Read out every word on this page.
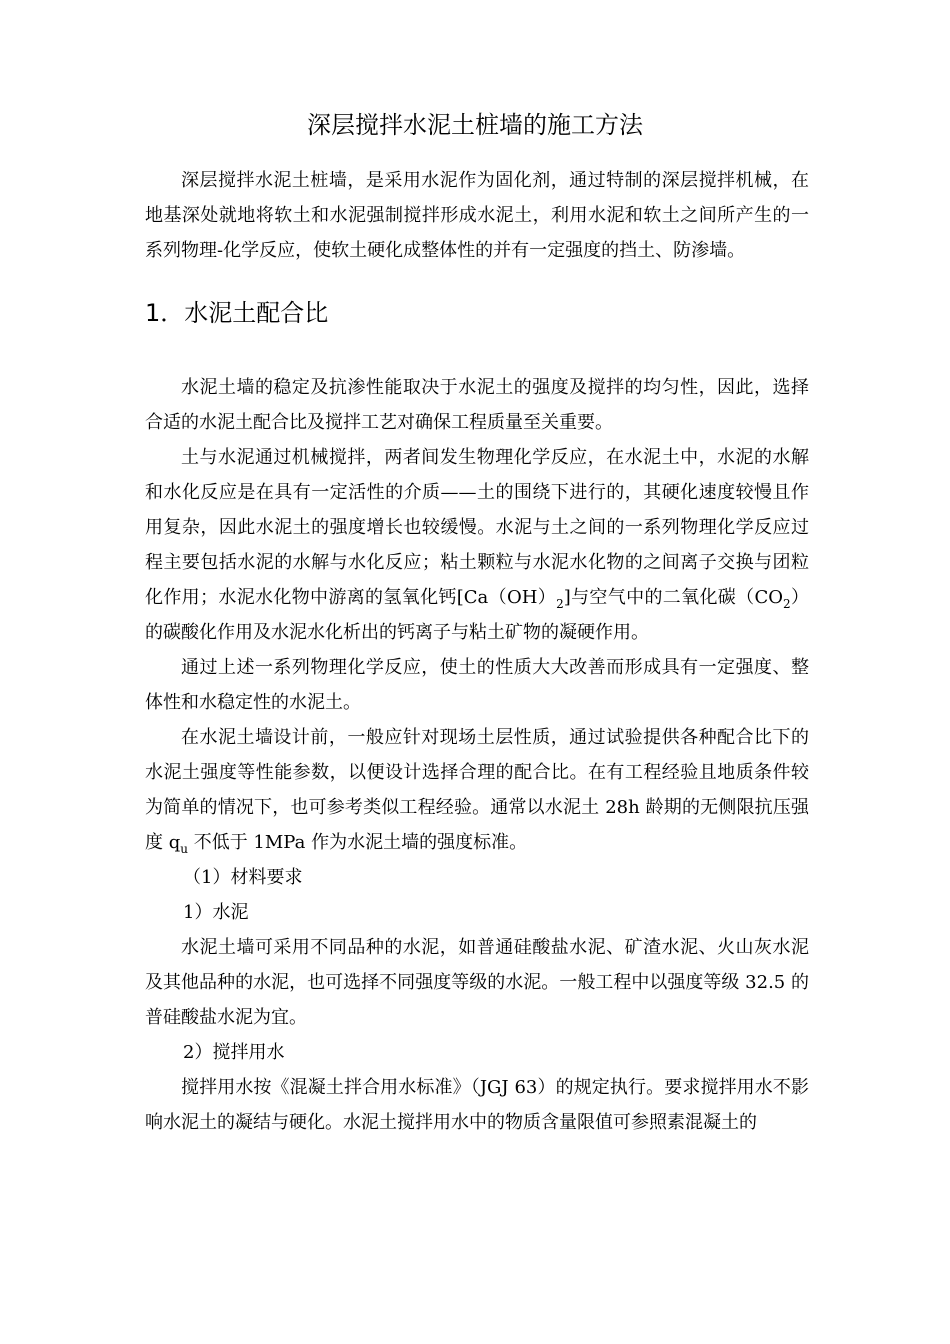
深层搅拌水泥土桩墙的施工方法

深层搅拌水泥土桩墙，是采用水泥作为固化剂，通过特制的深层搅拌机械，在地基深处就地将软土和水泥强制搅拌形成水泥土，利用水泥和软土之间所产生的一系列物理-化学反应，使软土硬化成整体性的并有一定强度的挡土、防渗墙。

1．水泥土配合比

水泥土墙的稳定及抗渗性能取决于水泥土的强度及搅拌的均匀性，因此，选择合适的水泥土配合比及搅拌工艺对确保工程质量至关重要。

土与水泥通过机械搅拌，两者间发生物理化学反应，在水泥土中，水泥的水解和水化反应是在具有一定活性的介质——土的围绕下进行的，其硬化速度较慢且作用复杂，因此水泥土的强度增长也较缓慢。水泥与土之间的一系列物理化学反应过程主要包括水泥的水解与水化反应；粘土颗粒与水泥水化物的之间离子交换与团粒化作用；水泥水化物中游离的氢氧化钙$[Ca(OH)_2]$与空气中的二氧化碳$(CO_2)$的碳酸化作用及水泥水化析出的钙离子与粘土矿物的凝硬作用。

通过上述一系列物理化学反应，使土的性质大大改善而形成具有一定强度、整体性和水稳定性的水泥土。

在水泥土墙设计前，一般应针对现场土层性质，通过试验提供各种配合比下的水泥土强度等性能参数，以便设计选择合理的配合比。在有工程经验且地质条件较为简单的情况下，也可参考类似工程经验。通常以水泥土 28h 龄期的无侧限抗压强度 $q_u$ 不低于 1MPa 作为水泥土墙的强度标准。

（1）材料要求

1）水泥

水泥土墙可采用不同品种的水泥，如普通硅酸盐水泥、矿渣水泥、火山灰水泥及其他品种的水泥，也可选择不同强度等级的水泥。一般工程中以强度等级 32.5 的普硅酸盐水泥为宜。

2）搅拌用水

搅拌用水按《混凝土拌合用水标准》（JGJ 63）的规定执行。要求搅拌用水不影响水泥土的凝结与硬化。水泥土搅拌用水中的物质含量限值可参照素混凝土的
